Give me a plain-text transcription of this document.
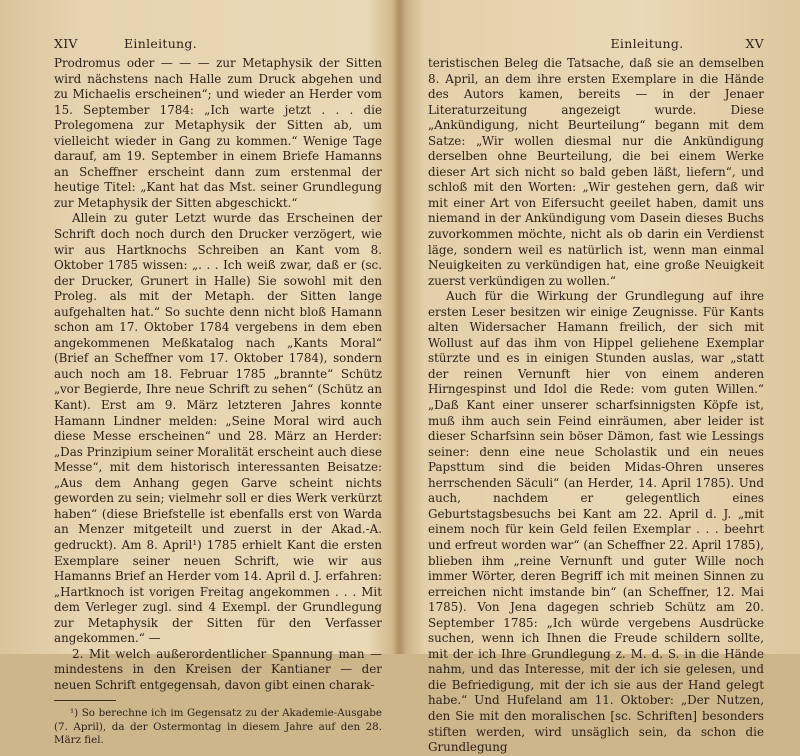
XIV	Einleitung.

Prodromus oder — — — zur Metaphysik der Sitten wird nächstens nach Halle zum Druck abgehen und zu Michaelis erscheinen“; und wieder an Herder vom 15. September 1784: „Ich warte jetzt . . . die Prolegomena zur Metaphysik der Sitten ab, um vielleicht wieder in Gang zu kommen.“ Wenige Tage darauf, am 19. September in einem Briefe Hamanns an Scheffner erscheint dann zum erstenmal der heutige Titel: „Kant hat das Mst. seiner Grundlegung zur Metaphysik der Sitten abgeschickt.“

Allein zu guter Letzt wurde das Erscheinen der Schrift doch noch durch den Drucker verzögert, wie wir aus Hartknochs Schreiben an Kant vom 8. Oktober 1785 wissen: „. . . Ich weiß zwar, daß er (sc. der Drucker, Grunert in Halle) Sie sowohl mit den Proleg. als mit der Metaph. der Sitten lange aufgehalten hat.“ So suchte denn nicht bloß Hamann schon am 17. Oktober 1784 vergebens in dem eben angekommenen Meßkatalog nach „Kants Moral“ (Brief an Scheffner vom 17. Oktober 1784), sondern auch noch am 18. Februar 1785 „brannte“ Schütz „vor Begierde, Ihre neue Schrift zu sehen“ (Schütz an Kant). Erst am 9. März letzteren Jahres konnte Hamann Lindner melden: „Seine Moral wird auch diese Messe erscheinen“ und 28. März an Herder: „Das Prinzipium seiner Moralität erscheint auch diese Messe“, mit dem historisch interessanten Beisatze: „Aus dem Anhang gegen Garve scheint nichts geworden zu sein; vielmehr soll er dies Werk verkürzt haben“ (diese Briefstelle ist ebenfalls erst von Warda an Menzer mitgeteilt und zuerst in der Akad.-A. gedruckt). Am 8. April¹) 1785 erhielt Kant die ersten Exemplare seiner neuen Schrift, wie wir aus Hamanns Brief an Herder vom 14. April d. J. erfahren: „Hartknoch ist vorigen Freitag angekommen . . . Mit dem Verleger zugl. sind 4 Exempl. der Grundlegung zur Metaphysik der Sitten für den Verfasser angekommen.“ —

2. Mit welch außerordentlicher Spannung man — mindestens in den Kreisen der Kantianer — der neuen Schrift entgegensah, davon gibt einen charak-

¹) So berechne ich im Gegensatz zu der Akademie-Ausgabe (7. April), da der Ostermontag in diesem Jahre auf den 28. März fiel.
Einleitung.	XV

teristischen Beleg die Tatsache, daß sie an demselben 8. April, an dem ihre ersten Exemplare in die Hände des Autors kamen, bereits — in der Jenaer Literaturzeitung angezeigt wurde. Diese „Ankündigung, nicht Beurteilung“ begann mit dem Satze: „Wir wollen diesmal nur die Ankündigung derselben ohne Beurteilung, die bei einem Werke dieser Art sich nicht so bald geben läßt, liefern“, und schloß mit den Worten: „Wir gestehen gern, daß wir mit einer Art von Eifersucht geeilet haben, damit uns niemand in der Ankündigung vom Dasein dieses Buchs zuvorkommen möchte, nicht als ob darin ein Verdienst läge, sondern weil es natürlich ist, wenn man einmal Neuigkeiten zu verkündigen hat, eine große Neuigkeit zuerst verkündigen zu wollen.“

Auch für die Wirkung der Grundlegung auf ihre ersten Leser besitzen wir einige Zeugnisse. Für Kants alten Widersacher Hamann freilich, der sich mit Wollust auf das ihm von Hippel geliehene Exemplar stürzte und es in einigen Stunden auslas, war „statt der reinen Vernunft hier von einem anderen Hirngespinst und Idol die Rede: vom guten Willen.“ „Daß Kant einer unserer scharfsinnigsten Köpfe ist, muß ihm auch sein Feind einräumen, aber leider ist dieser Scharfsinn sein böser Dämon, fast wie Lessings seiner: denn eine neue Scholastik und ein neues Papsttum sind die beiden Midas-Ohren unseres herrschenden Säculi“ (an Herder, 14. April 1785). Und auch, nachdem er gelegentlich eines Geburtstagsbesuchs bei Kant am 22. April d. J. „mit einem noch für kein Geld feilen Exemplar . . . beehrt und erfreut worden war“ (an Scheffner 22. April 1785), blieben ihm „reine Vernunft und guter Wille noch immer Wörter, deren Begriff ich mit meinen Sinnen zu erreichen nicht imstande bin“ (an Scheffner, 12. Mai 1785). Von Jena dagegen schrieb Schütz am 20. September 1785: „Ich würde vergebens Ausdrücke suchen, wenn ich Ihnen die Freude schildern sollte, mit der ich Ihre Grundlegung z. M. d. S. in die Hände nahm, und das Interesse, mit der ich sie gelesen, und die Befriedigung, mit der ich sie aus der Hand gelegt habe.“ Und Hufeland am 11. Oktober: „Der Nutzen, den Sie mit den moralischen [sc. Schriften] besonders stiften werden, wird unsäglich sein, da schon die Grundlegung
